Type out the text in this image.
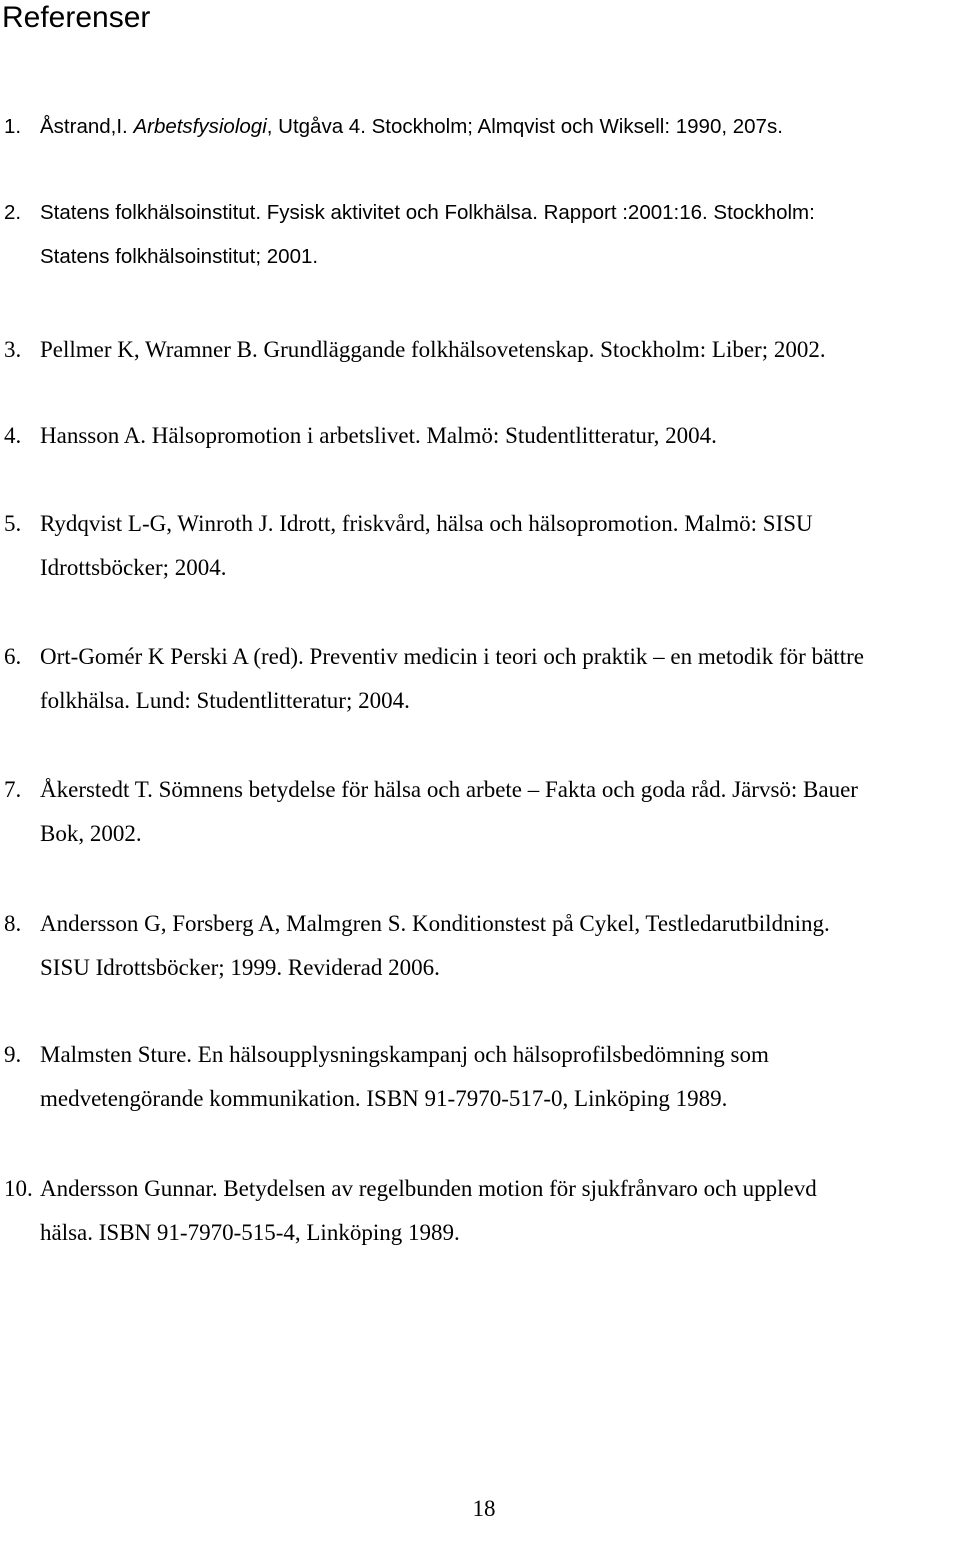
Referenser
1. Åstrand,I. Arbetsfysiologi, Utgåva 4. Stockholm; Almqvist och Wiksell: 1990, 207s.
2. Statens folkhälsoinstitut. Fysisk aktivitet och Folkhälsa. Rapport :2001:16. Stockholm:
Statens folkhälsoinstitut; 2001.
3. Pellmer K, Wramner B. Grundläggande folkhälsovetenskap. Stockholm: Liber; 2002.
4. Hansson A. Hälsopromotion i arbetslivet. Malmö: Studentlitteratur, 2004.
5. Rydqvist L-G, Winroth J. Idrott, friskvård, hälsa och hälsopromotion. Malmö: SISU
Idrottsböcker; 2004.
6. Ort-Gomér K Perski A (red). Preventiv medicin i teori och praktik – en metodik för bättre
folkhälsa. Lund: Studentlitteratur; 2004.
7. Åkerstedt T. Sömnens betydelse för hälsa och arbete – Fakta och goda råd. Järvsö: Bauer
Bok, 2002.
8. Andersson G, Forsberg A, Malmgren S. Konditionstest på Cykel, Testledarutbildning.
SISU Idrottsböcker; 1999. Reviderad 2006.
9. Malmsten Sture. En hälsoupplysningskampanj och hälsoprofilsbedömning som
medvetengörande kommunikation. ISBN 91-7970-517-0, Linköping 1989.
10. Andersson Gunnar. Betydelsen av regelbunden motion för sjukfrånvaro och upplevd
hälsa. ISBN 91-7970-515-4, Linköping 1989.
18
